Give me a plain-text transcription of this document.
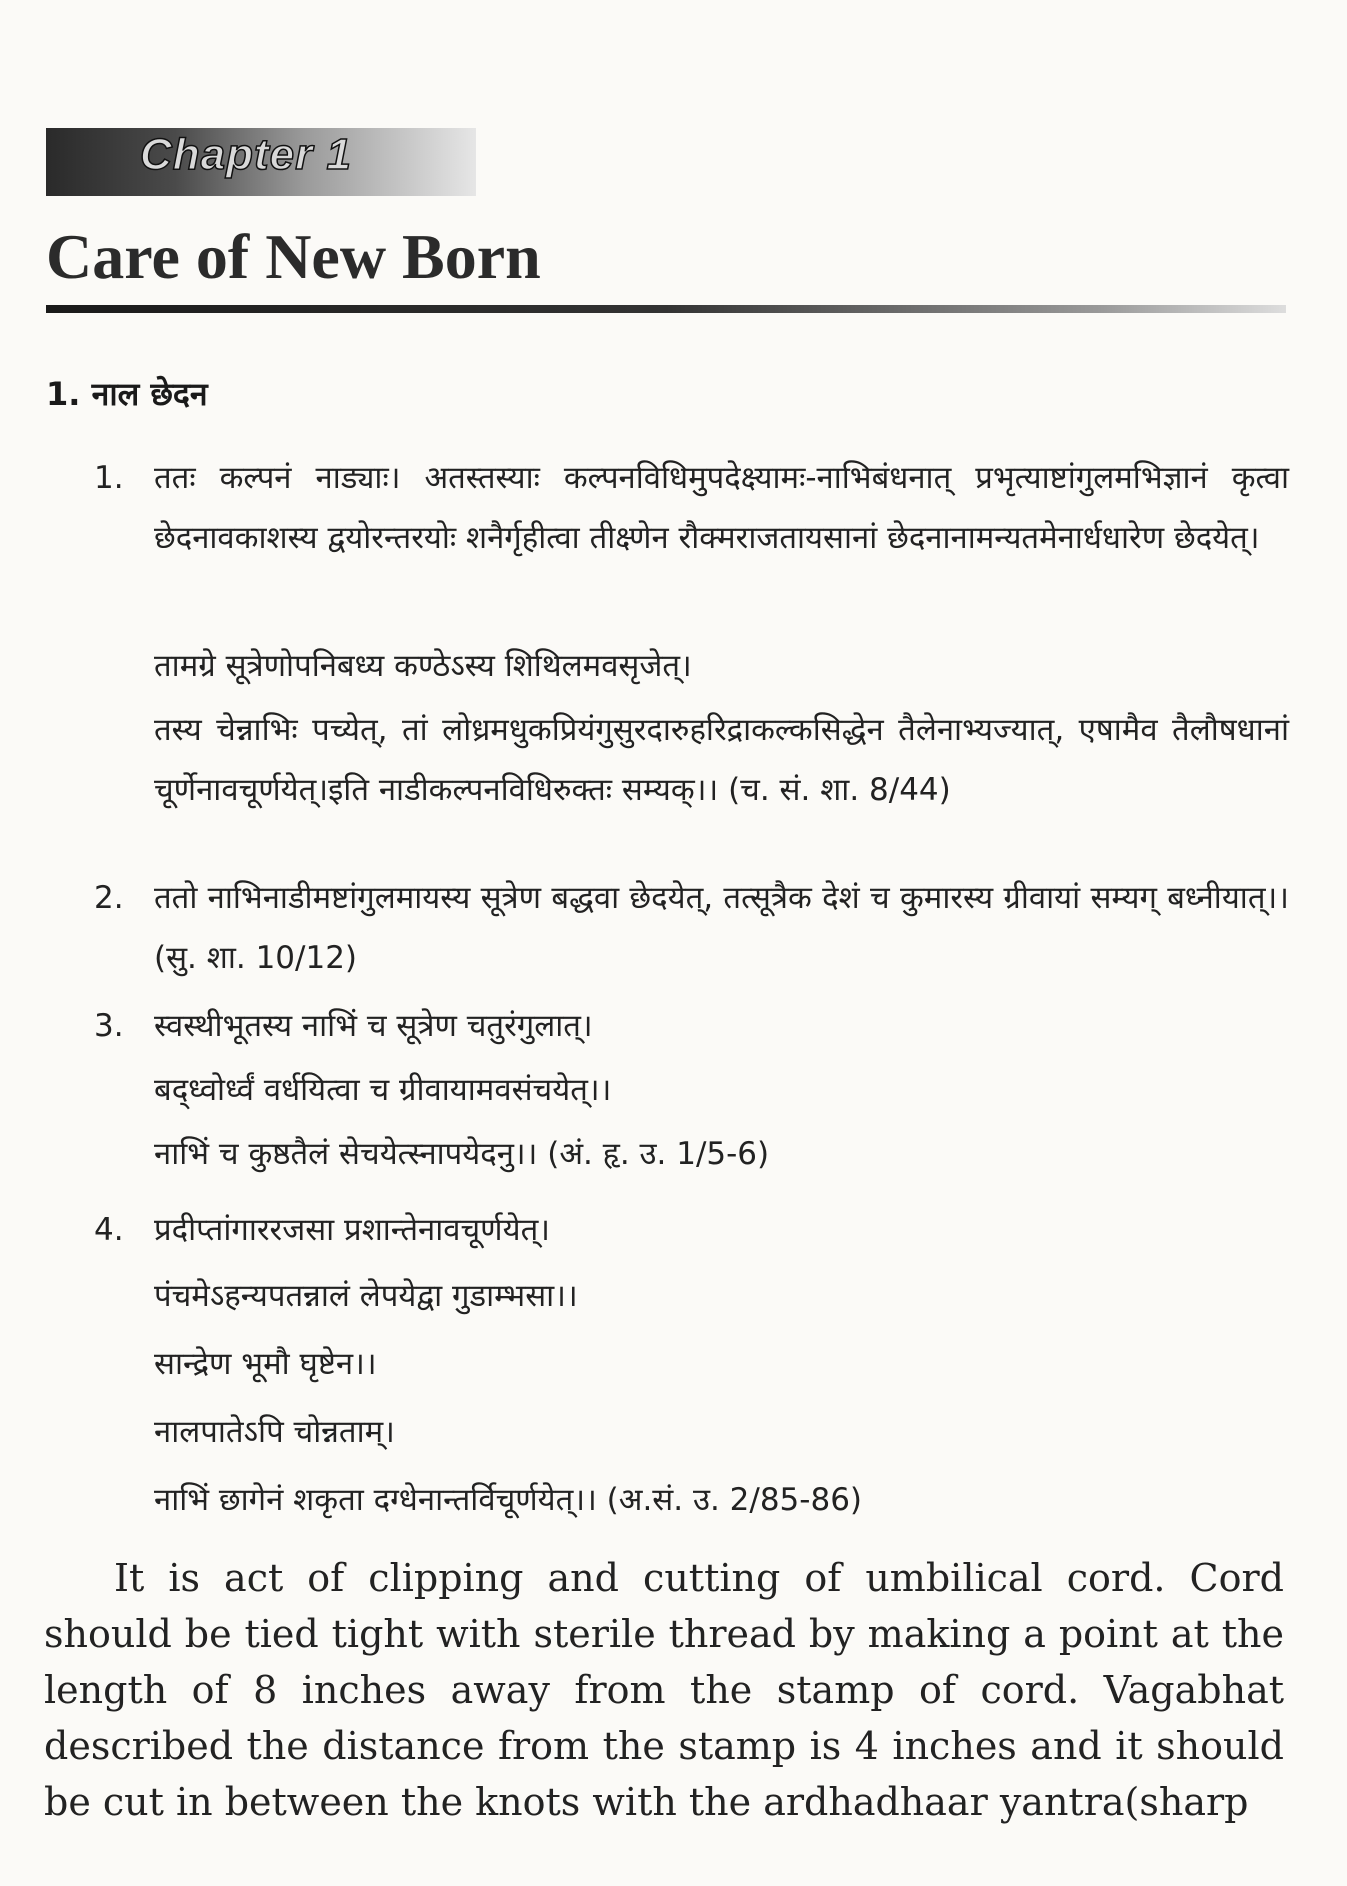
Chapter 1
Care of New Born
1. नाल छेदन
1. ततः कल्पनं नाड्याः। अतस्तस्याः कल्पनविधिमुपदेक्ष्यामः-नाभिबंधनात् प्रभृत्याष्टांगुलमभिज्ञानं कृत्वा छेदनावकाशस्य द्वयोरन्तरयोः शनैर्गृहीत्वा तीक्ष्णेन रौक्मराजतायसानां छेदनानामन्यतमेनार्धधारेण छेदयेत्।
तामग्रे सूत्रेणोपनिबध्य कण्ठेऽस्य शिथिलमवसृजेत्।
तस्य चेन्नाभिः पच्येत्, तां लोध्रमधुकप्रियंगुसुरदारुहरिद्राकल्कसिद्धेन तैलेनाभ्यज्यात्, एषामैव तैलौषधानां चूर्णेनावचूर्णयेत्।इति नाडीकल्पनविधिरुक्तः सम्यक्।। (च. सं. शा. 8/44)
2. ततो नाभिनाडीमष्टांगुलमायस्य सूत्रेण बद्धवा छेदयेत्, तत्सूत्रैक देशं च कुमारस्य ग्रीवायां सम्यग् बध्नीयात्।। (सु. शा. 10/12)
3. स्वस्थीभूतस्य नाभिं च सूत्रेण चतुरंगुलात्।
बद्ध्वोर्ध्वं वर्धयित्वा च ग्रीवायामवसंचयेत्।।
नाभिं च कुष्ठतैलं सेचयेत्स्नापयेदनु।। (अं. हृ. उ. 1/5-6)
4. प्रदीप्तांगाररजसा प्रशान्तेनावचूर्णयेत्।
पंचमेऽहन्यपतन्नालं लेपयेद्वा गुडाम्भसा।।
सान्द्रेण भूमौ घृष्टेन।।
नालपातेऽपि चोन्नताम्।
नाभिं छागेनं शकृता दग्धेनान्तर्विचूर्णयेत्।। (अ.सं. उ. 2/85-86)

It is act of clipping and cutting of umbilical cord. Cord should be tied tight with sterile thread by making a point at the length of 8 inches away from the stamp of cord. Vagabhat described the distance from the stamp is 4 inches and it should be cut in between the knots with the ardhadhaar yantra(sharp
